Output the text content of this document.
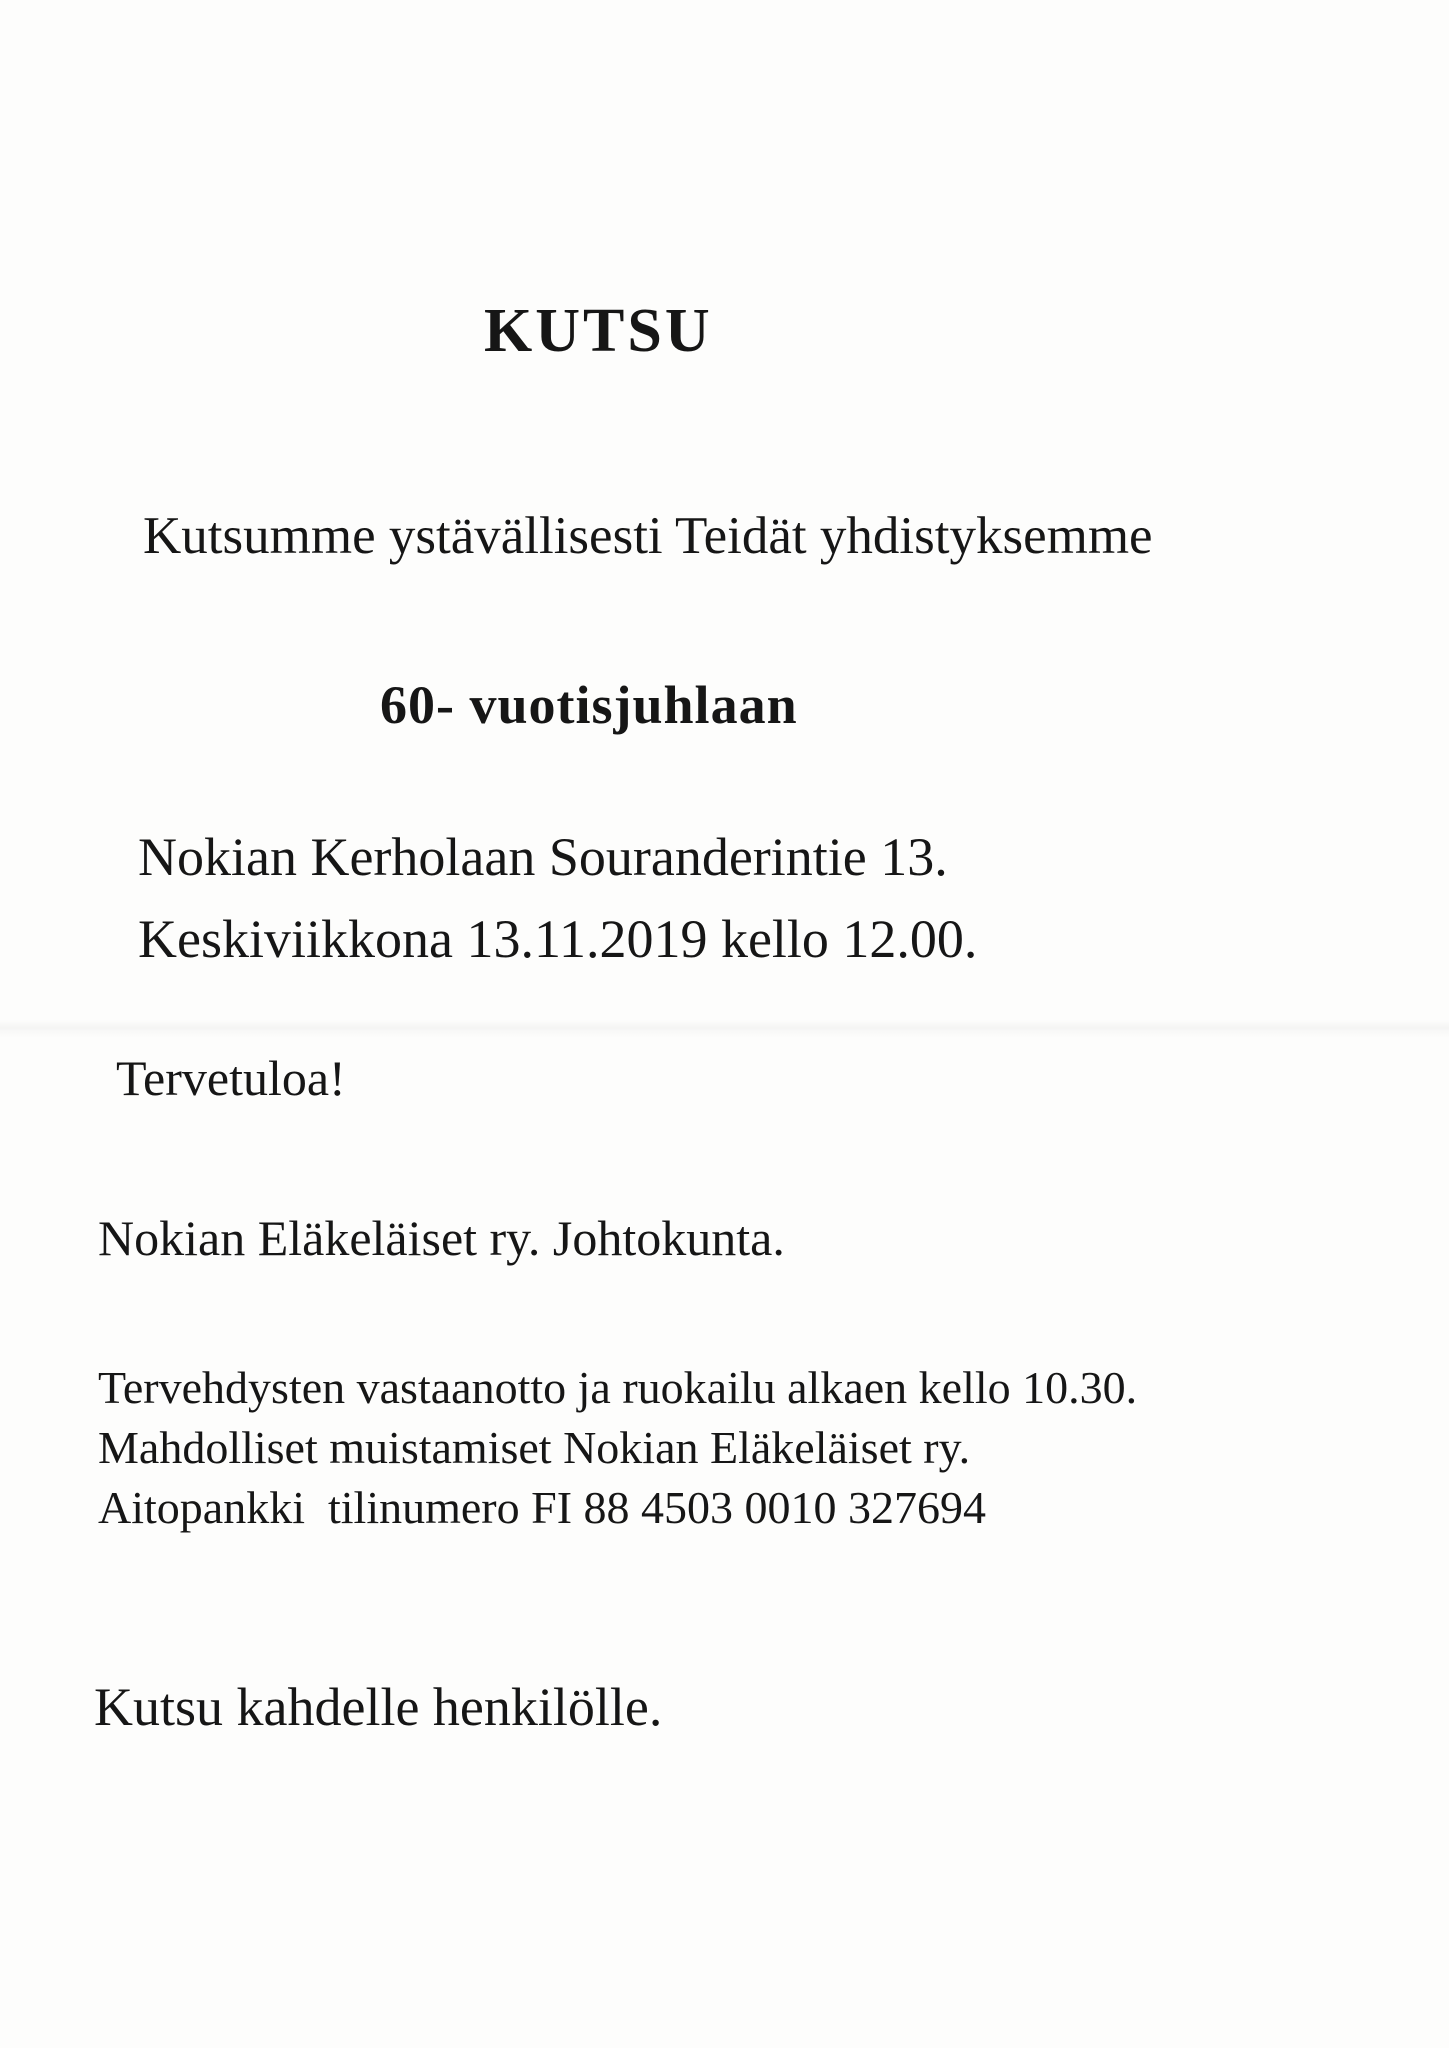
KUTSU

Kutsumme ystävällisesti Teidät yhdistyksemme

60- vuotisjuhlaan

Nokian Kerholaan Souranderintie 13.

Keskiviikkona 13.11.2019 kello 12.00.

Tervetuloa!

Nokian Eläkeläiset ry. Johtokunta.

Tervehdysten vastaanotto ja ruokailu alkaen kello 10.30.

Mahdolliset muistamiset Nokian Eläkeläiset ry.

Aitopankki  tilinumero FI 88 4503 0010 327694

Kutsu kahdelle henkilölle.
